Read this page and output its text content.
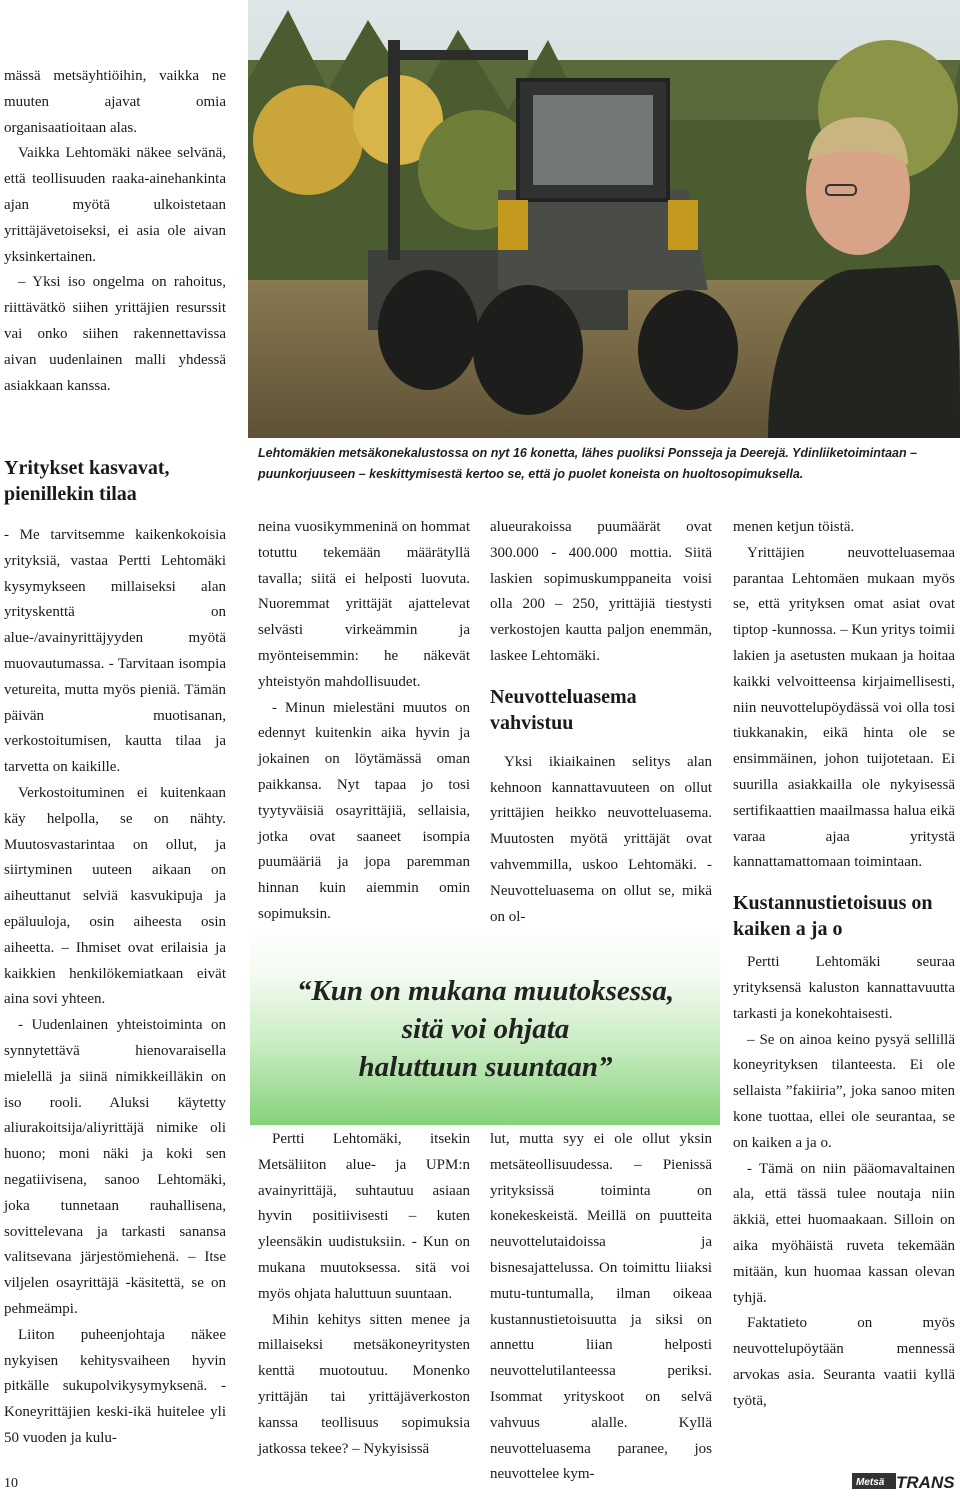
mässä metsäyhtiöihin, vaikka ne muuten ajavat omia organisaatioitaan alas.

Vaikka Lehtomäki näkee selvänä, että teollisuuden raaka-ainehankinta ajan myötä ulkoistetaan yrittäjävetoiseksi, ei asia ole aivan yksinkertainen.

– Yksi iso ongelma on rahoitus, riittävätkö siihen yrittäjien resurssit vai onko siihen rakennettavissa aivan uudenlainen malli yhdessä asiakkaan kanssa.

Yritykset kasvavat, pienillekin tilaa

- Me tarvitsemme kaikenkokoisia yrityksiä, vastaa Pertti Lehtomäki kysymykseen millaiseksi alan yrityskenttä on alue-/avainyrittäjyyden myötä muovautumassa. - Tarvitaan isompia vetureita, mutta myös pieniä. Tämän päivän muotisanan, verkostoitumisen, kautta tilaa ja tarvetta on kaikille.

Verkostoituminen ei kuitenkaan käy helpolla, se on nähty. Muutosvastarintaa on ollut, ja siirtyminen uuteen aikaan on aiheuttanut selviä kasvukipuja ja epäluuloja, osin aiheesta osin aiheetta. – Ihmiset ovat erilaisia ja kaikkien henkilökemiatkaan eivät aina sovi yhteen.

- Uudenlainen yhteistoiminta on synnytettävä hienovaraisella mielellä ja siinä nimikkeilläkin on iso rooli. Aluksi käytetty aliurakoitsija/aliyrittäjä nimike oli huono; moni näki ja koki sen negatiivisena, sanoo Lehtomäki, joka tunnetaan rauhallisena, sovittelevana ja tarkasti sanansa valitsevana järjestömiehenä. – Itse viljelen osayrittäjä -käsitettä, se on pehmeämpi.

Liiton puheenjohtaja näkee nykyisen kehitysvaiheen hyvin pitkälle sukupolvikysymyksenä. - Koneyrittäjien keski-ikä huitelee yli 50 vuoden ja kulu-

Lehtomäkien metsäkonekalustossa on nyt 16 konetta, lähes puoliksi Ponsseja ja Deerejä. Ydinliiketoimintaan – puunkorjuuseen – keskittymisestä kertoo se, että jo puolet koneista on huoltosopimuksella.

neina vuosikymmeninä on hommat totuttu tekemään määrätyllä tavalla; siitä ei helposti luovuta. Nuoremmat yrittäjät ajattelevat selvästi virkeämmin ja myönteisemmin: he näkevät yhteistyön mahdollisuudet.

- Minun mielestäni muutos on edennyt kuitenkin aika hyvin ja jokainen on löytämässä oman paikkansa. Nyt tapaa jo tosi tyytyväisiä osayrittäjiä, sellaisia, jotka ovat saaneet isompia puumääriä ja jopa paremman hinnan kuin aiemmin omin sopimuksin.

alueurakoissa puumäärät ovat 300.000 - 400.000 mottia. Siitä laskien sopimuskumppaneita voisi olla 200 – 250, yrittäjiä tiestysti verkostojen kautta paljon enemmän, laskee Lehtomäki.

Neuvotteluasema vahvistuu

Yksi ikiaikainen selitys alan kehnoon kannattavuuteen on ollut yrittäjien heikko neuvotteluasema. Muutosten myötä yrittäjät ovat vahvemmilla, uskoo Lehtomäki. - Neuvotteluasema on ollut se, mikä on ol-

“Kun on mukana muutoksessa,
sitä voi ohjata
haluttuun suuntaan”

Pertti Lehtomäki, itsekin Metsäliiton alue- ja UPM:n avainyrittäjä, suhtautuu asiaan hyvin positiivisesti – kuten yleensäkin uudistuksiin. - Kun on mukana muutoksessa. sitä voi myös ohjata haluttuun suuntaan.

Mihin kehitys sitten menee ja millaiseksi metsäkoneyritysten kenttä muotoutuu. Monenko yrittäjän tai yrittäjäverkoston kanssa teollisuus sopimuksia jatkossa tekee? – Nykyisissä

lut, mutta syy ei ole ollut yksin metsäteollisuudessa. – Pienissä yrityksissä toiminta on konekeskeistä. Meillä on puutteita neuvottelutaidoissa ja bisnesajattelussa. On toimittu liiaksi mutu-tuntumalla, ilman oikeaa kustannustietoisuutta ja siksi on annettu liian helposti neuvottelutilanteessa periksi. Isommat yrityskoot on selvä vahvuus alalle. Kyllä neuvotteluasema paranee, jos neuvottelee kym-

menen ketjun töistä.

Yrittäjien neuvotteluasemaa parantaa Lehtomäen mukaan myös se, että yrityksen omat asiat ovat tiptop -kunnossa. – Kun yritys toimii lakien ja asetusten mukaan ja hoitaa kaikki velvoitteensa kirjaimellisesti, niin neuvottelupöydässä voi olla tosi tiukkanakin, eikä hinta ole se ensimmäinen, johon tuijotetaan. Ei suurilla asiakkailla ole nykyisessä sertifikaattien maailmassa halua eikä varaa ajaa yritystä kannattamattomaan toimintaan.

Kustannustietoisuus on kaiken a ja o

Pertti Lehtomäki seuraa yrityksensä kaluston kannattavuutta tarkasti ja konekohtaisesti.

– Se on ainoa keino pysyä sellillä koneyrityksen tilanteesta. Ei ole sellaista ”fakiiria”, joka sanoo miten kone tuottaa, ellei ole seurantaa, se on kaiken a ja o.

- Tämä on niin pääomavaltainen ala, että tässä tulee noutaja niin äkkiä, ettei huomaakaan. Silloin on aika myöhäistä ruveta tekemään mitään, kun huomaa kassan olevan tyhjä.

Faktatieto on myös neuvottelupöytään mennessä arvokas asia. Seuranta vaatii kyllä työtä,

10	Metsä TRANS
